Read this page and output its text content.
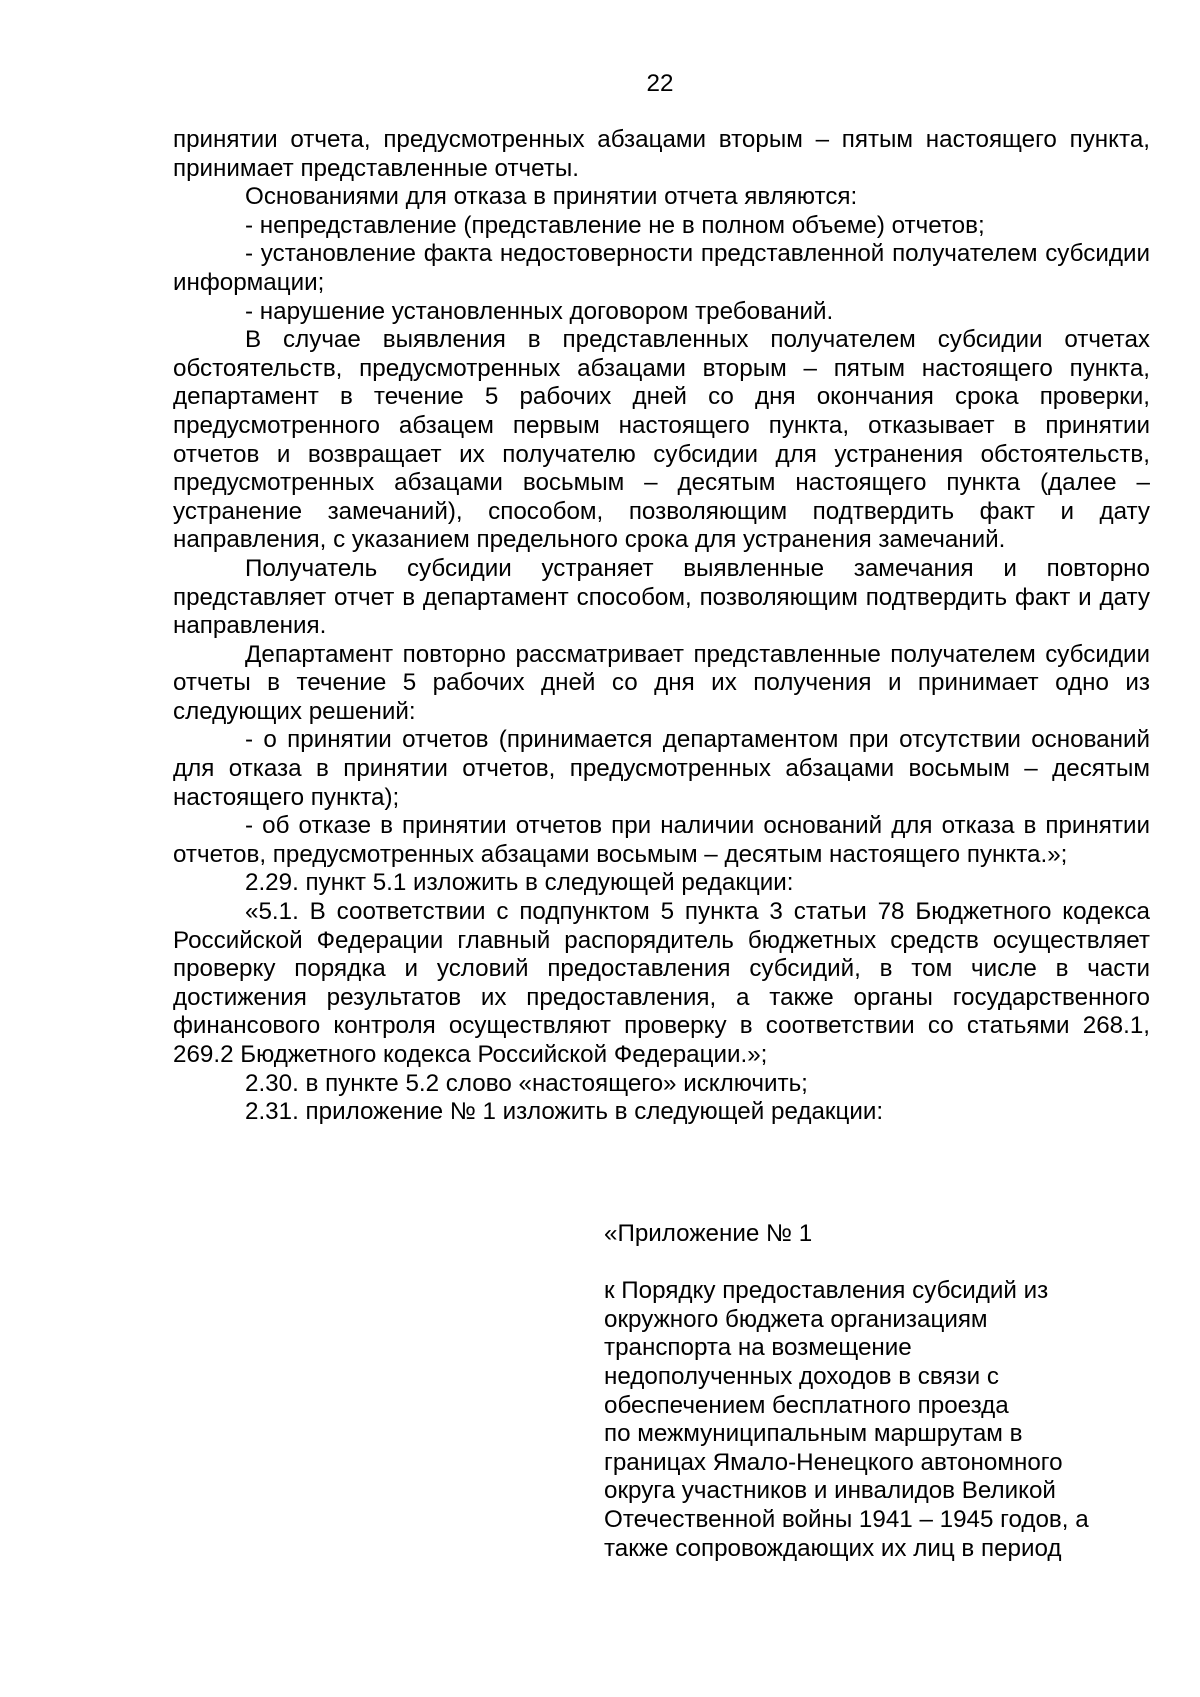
22

принятии отчета, предусмотренных абзацами вторым – пятым настоящего пункта, принимает представленные отчеты.

Основаниями для отказа в принятии отчета являются:

- непредставление (представление не в полном объеме) отчетов;

- установление факта недостоверности представленной получателем субсидии информации;

- нарушение установленных договором требований.

В случае выявления в представленных получателем субсидии отчетах обстоятельств, предусмотренных абзацами вторым – пятым настоящего пункта, департамент в течение 5 рабочих дней со дня окончания срока проверки, предусмотренного абзацем первым настоящего пункта, отказывает в принятии отчетов и возвращает их получателю субсидии для устранения обстоятельств, предусмотренных абзацами восьмым – десятым настоящего пункта (далее – устранение замечаний), способом, позволяющим подтвердить факт и дату направления, с указанием предельного срока для устранения замечаний.

Получатель субсидии устраняет выявленные замечания и повторно представляет отчет в департамент способом, позволяющим подтвердить факт и дату направления.

Департамент повторно рассматривает представленные получателем субсидии отчеты в течение 5 рабочих дней со дня их получения и принимает одно из следующих решений:

- о принятии отчетов (принимается департаментом при отсутствии оснований для отказа в принятии отчетов, предусмотренных абзацами восьмым – десятым настоящего пункта);

- об отказе в принятии отчетов при наличии оснований для отказа в принятии отчетов, предусмотренных абзацами восьмым – десятым настоящего пункта.»;

2.29. пункт 5.1 изложить в следующей редакции:

«5.1. В соответствии с подпунктом 5 пункта 3 статьи 78 Бюджетного кодекса Российской Федерации главный распорядитель бюджетных средств осуществляет проверку порядка и условий предоставления субсидий, в том числе в части достижения результатов их предоставления, а также органы государственного финансового контроля осуществляют проверку в соответствии со статьями 268.1, 269.2 Бюджетного кодекса Российской Федерации.»;

2.30. в пункте 5.2 слово «настоящего» исключить;

2.31. приложение № 1 изложить в следующей редакции:

«Приложение № 1

к Порядку предоставления субсидий из

окружного бюджета организациям

транспорта на возмещение

недополученных доходов в связи с

обеспечением бесплатного проезда

по межмуниципальным маршрутам в

границах Ямало-Ненецкого автономного

округа участников и инвалидов Великой

Отечественной войны 1941 – 1945 годов, а

также сопровождающих их лиц в период
